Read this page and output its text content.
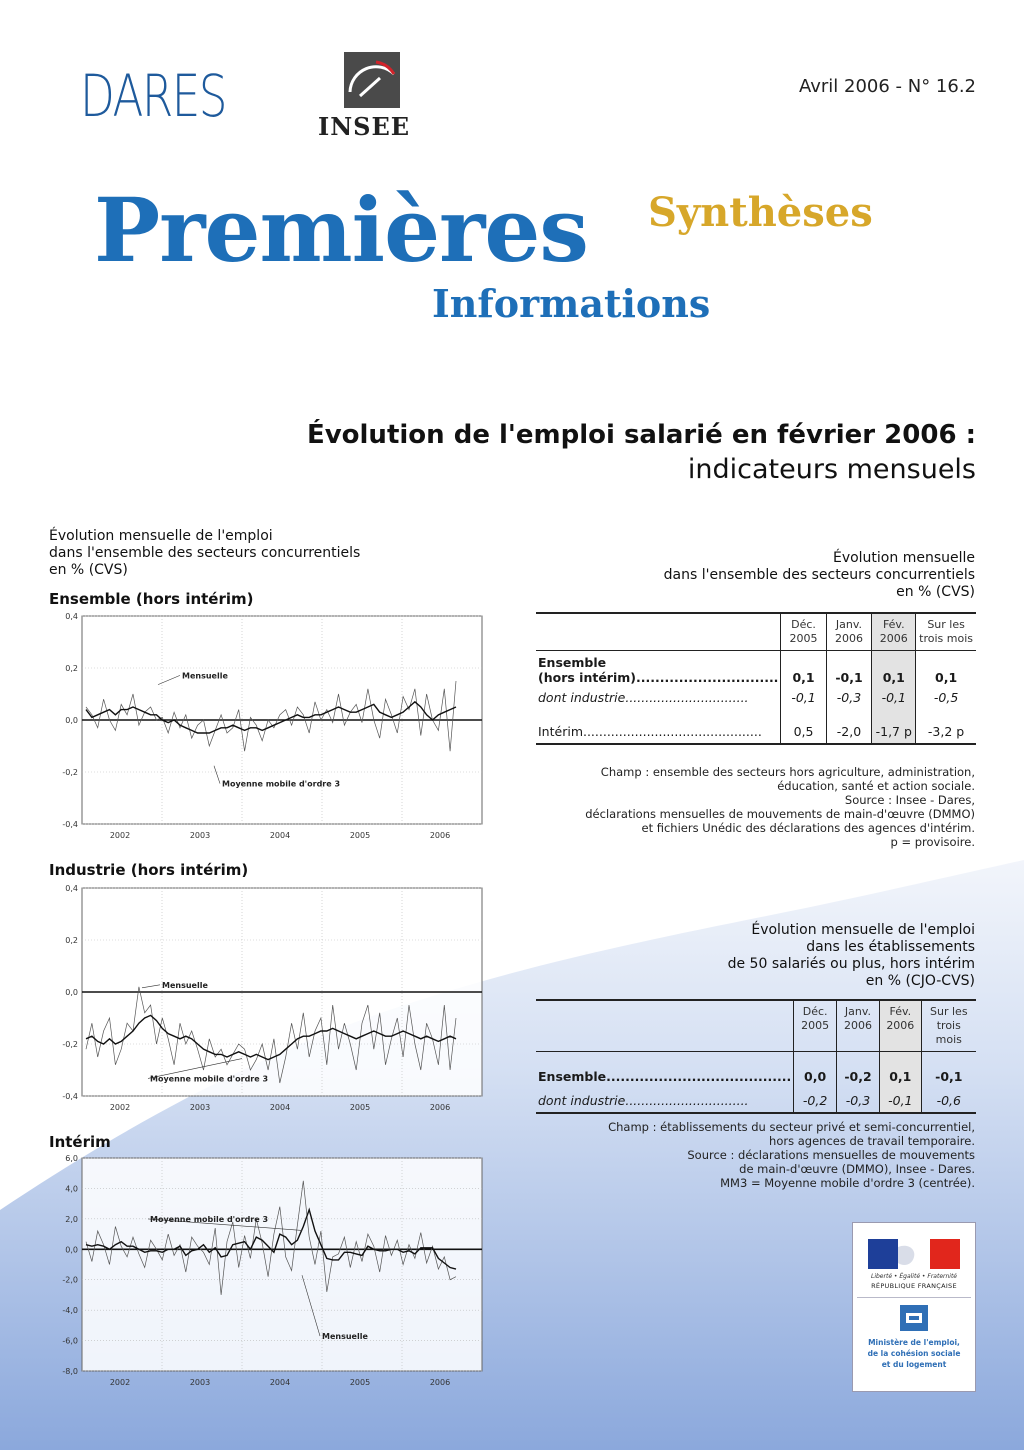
DARES	INSEE
Avril 2006 - N° 16.2
Premières Synthèses
Informations
Évolution de l'emploi salarié en février 2006 :
indicateurs mensuels
Évolution mensuelle de l'emploi
dans l'ensemble des secteurs concurrentiels
en % (CVS)
Ensemble (hors intérim)
0,4
0,2
0,0
-0,2
-0,4
2002	2003	2004	2005	2006
Mensuelle
Moyenne mobile d'ordre 3
Industrie (hors intérim)
0,4
0,2
0,0
-0,2
-0,4
2002	2003	2004	2005	2006
Mensuelle
Moyenne mobile d'ordre 3
Intérim
6,0
4,0
2,0
0,0
-2,0
-4,0
-6,0
-8,0
2002	2003	2004	2005	2006
Moyenne mobile d'ordre 3
Mensuelle
Évolution mensuelle
dans l'ensemble des secteurs concurrentiels
en % (CVS)
	Déc. 2005	Janv. 2006	Fév. 2006	Sur les trois mois

Ensemble
(hors intérim)..............................	0,1	-0,1	0,1	0,1
dont industrie...............................	-0,1	-0,3	-0,1	-0,5
Intérim.............................................	0,5	-2,0	-1,7 p	-3,2 p
Champ : ensemble des secteurs hors agriculture, administration,
éducation, santé et action sociale.
Source : Insee - Dares,
déclarations mensuelles de mouvements de main-d'œuvre (DMMO)
et fichiers Unédic des déclarations des agences d'intérim.
p = provisoire.
Évolution mensuelle de l'emploi
dans les établissements
de 50 salariés ou plus, hors intérim
en % (CJO-CVS)
	Déc. 2005	Janv. 2006	Fév. 2006	Sur les trois mois
Ensemble.......................................	0,0	-0,2	0,1	-0,1
dont industrie...............................	-0,2	-0,3	-0,1	-0,6
Champ : établissements du secteur privé et semi-concurrentiel,
hors agences de travail temporaire.
Source : déclarations mensuelles de mouvements
de main-d'œuvre (DMMO), Insee - Dares.
MM3 = Moyenne mobile d'ordre 3 (centrée).
Liberté • Égalité • Fraternité
RÉPUBLIQUE FRANÇAISE
Ministère de l'emploi,
de la cohésion sociale
et du logement
